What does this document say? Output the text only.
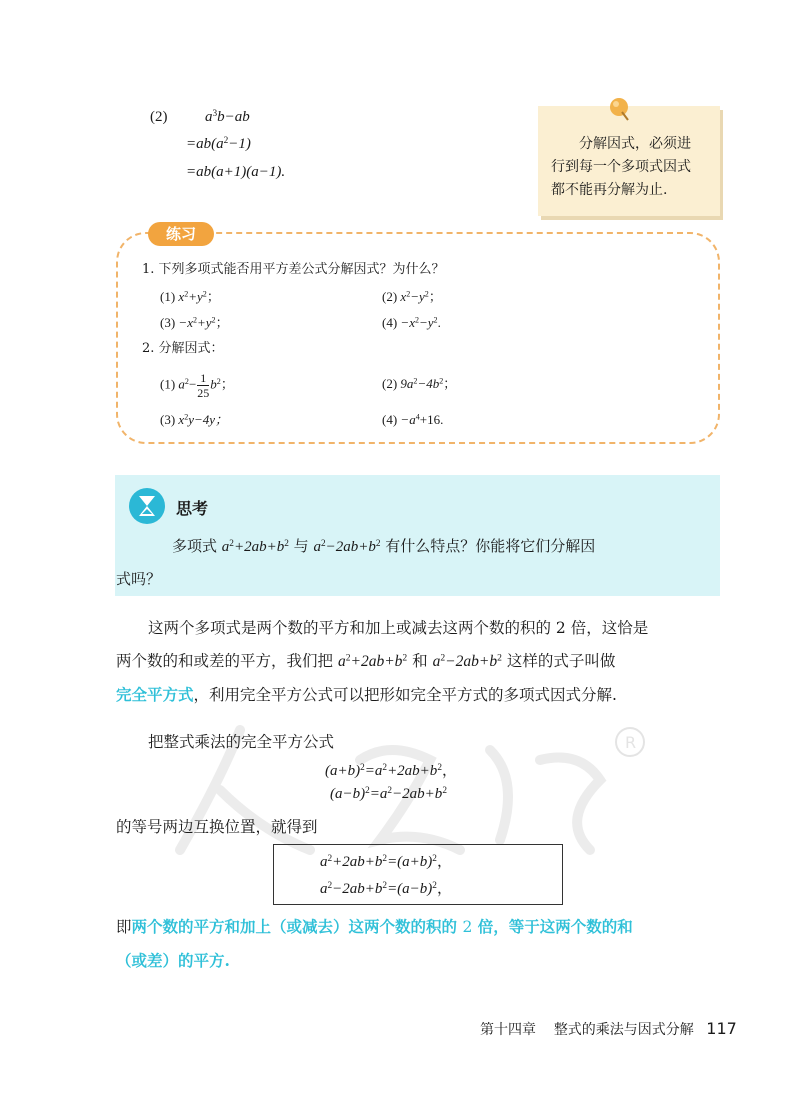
R
(2)	$a^3b-ab$
$=ab(a^2-1)$
=ab(a+1)(a−1).
分解因式，必须进
行到每一个多项式因式
都不能再分解为止.
练习
1. 下列多项式能否用平方差公式分解因式？为什么？
(1) $x^2+y^2$；	(2) $x^2-y^2$；
$(3) -x^2+y^2$；	$(4) -x^2-y^2$.
2. 分解因式：
(1) $a^2- \frac{1}{25} b^2$；	(2) $9a^2-4b^2$；
(3) $x^2y-4y$；	$(4) -a^4+16$.
思考
多项式 $a^2+2ab+b^2$ 与 $a^2-2ab+b^2$ 有什么特点？你能将它们分解因
式吗？
这两个多项式是两个数的平方和加上或减去这两个数的积的 2 倍，这恰是
两个数的和或差的平方，我们把 $a^2+2ab+b^2$ 和 $a^2-2ab+b^2$ 这样的式子叫做
完全平方式，利用完全平方公式可以把形如完全平方式的多项式因式分解.
把整式乘法的完全平方公式
$(a+b)^2=a^2+2ab+b^2$，
$(a-b)^2=a^2-2ab+b^2$
的等号两边互换位置，就得到
$a^2+2ab+b^2=(a+b)^2$，
$a^2-2ab+b^2=(a-b)^2$，
即两个数的平方和加上（或减去）这两个数的积的 2 倍，等于这两个数的和
（或差）的平方.
第十四章 整式的乘法与因式分解 117
